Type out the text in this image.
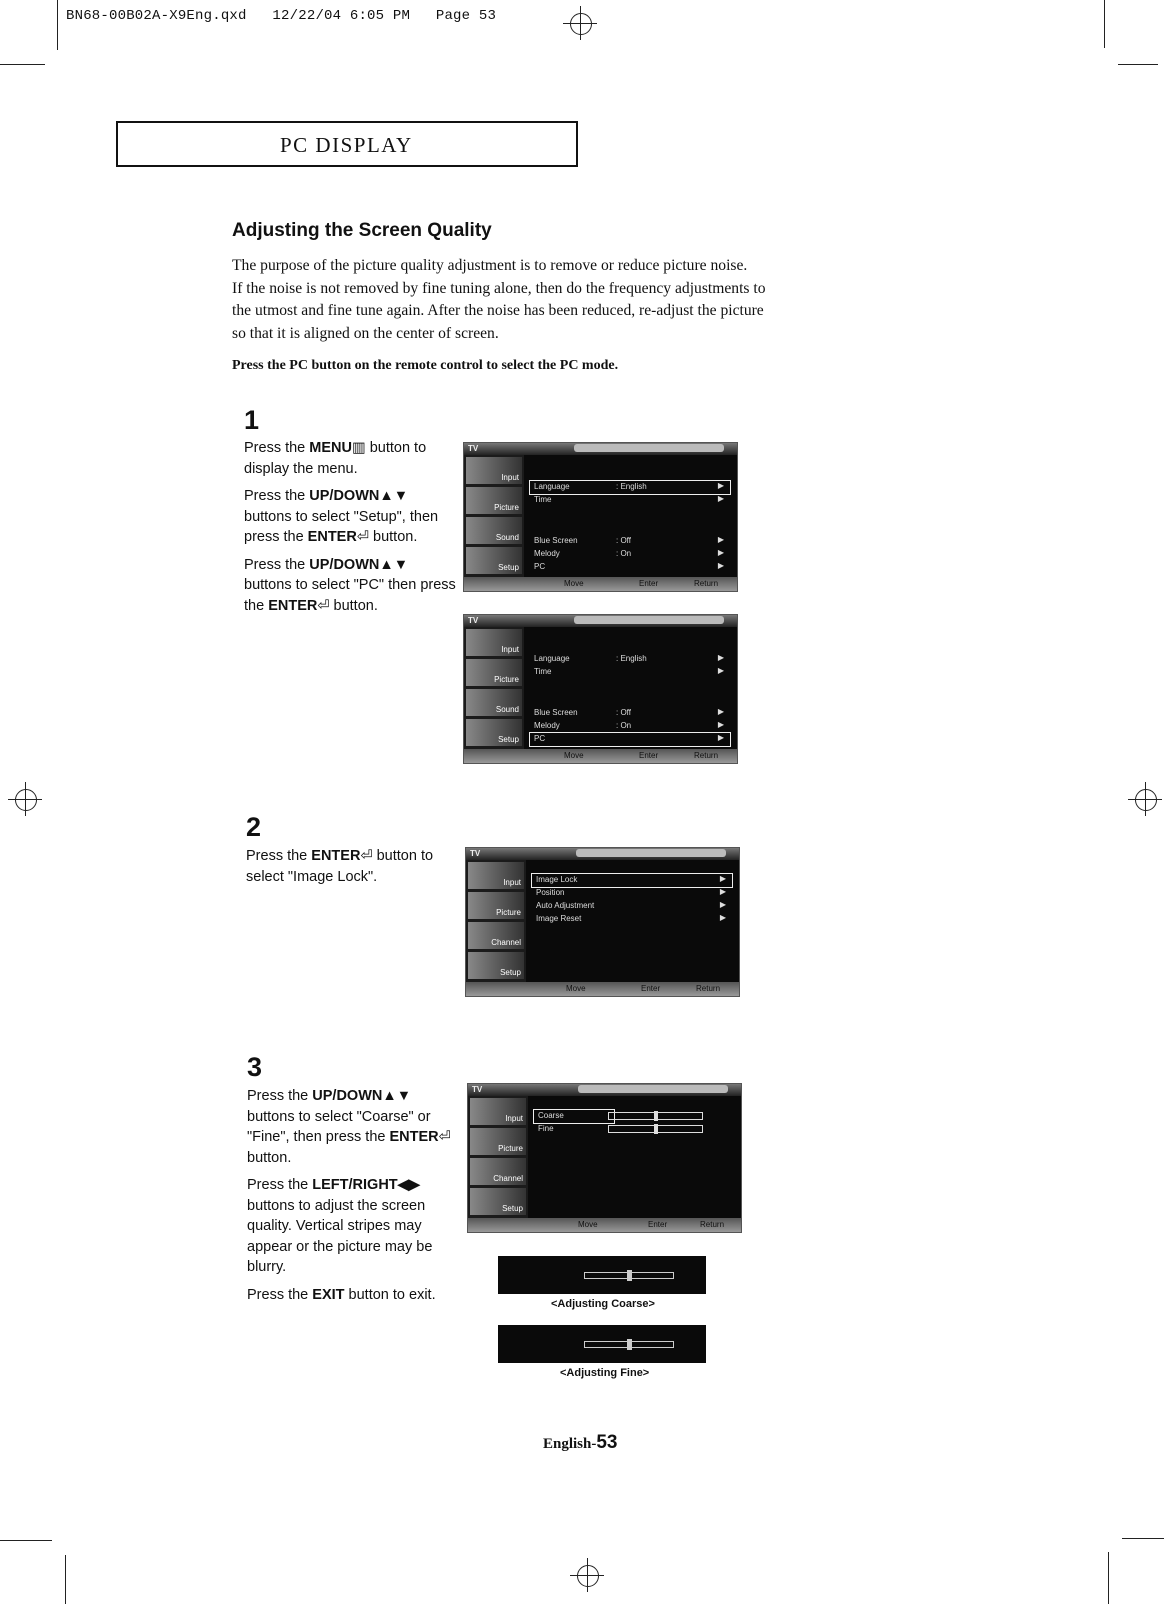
BN68-00B02A-X9Eng.qxd   12/22/04 6:05 PM   Page 53
PC DISPLAY
Adjusting the Screen Quality

The purpose of the picture quality adjustment is to remove or reduce picture noise.

If the noise is not removed by fine tuning alone, then do the frequency adjustments to

the utmost and fine tune again. After the noise has been reduced, re-adjust the picture

so that it is aligned on the center of screen.

Press the PC button on the remote control to select the PC mode.
1

Press the MENU▥ button to display the menu.

Press the UP/DOWN▲▼ buttons to select "Setup", then press the ENTER⏎ button.

Press the UP/DOWN▲▼ buttons to select "PC" then press the ENTER⏎ button.

TV
Input
Picture
Sound
Setup
Language	: English	▶
Time	▶
Blue Screen	: Off	▶
Melody	: On	▶
PC	▶
Move	Enter	Return
TV
Input
Picture
Sound
Setup
Language	: English	▶
Time	▶
Blue Screen	: Off	▶
Melody	: On	▶
PC	▶
Move	Enter	Return
2

Press the ENTER⏎ button to select "Image Lock".

TV
Input
Picture
Channel
Setup
Image Lock	▶
Position	▶
Auto Adjustment	▶
Image Reset	▶
Move	Enter	Return
3

Press the UP/DOWN▲▼ buttons to select "Coarse" or "Fine", then press the ENTER⏎ button.

Press the LEFT/RIGHT◀▶ buttons to adjust the screen quality. Vertical stripes may appear or the picture may be blurry.

Press the EXIT button to exit.

TV
Input
Picture
Channel
Setup
Coarse
Fine
Move	Enter	Return
<Adjusting Coarse>
<Adjusting Fine>
English-53
